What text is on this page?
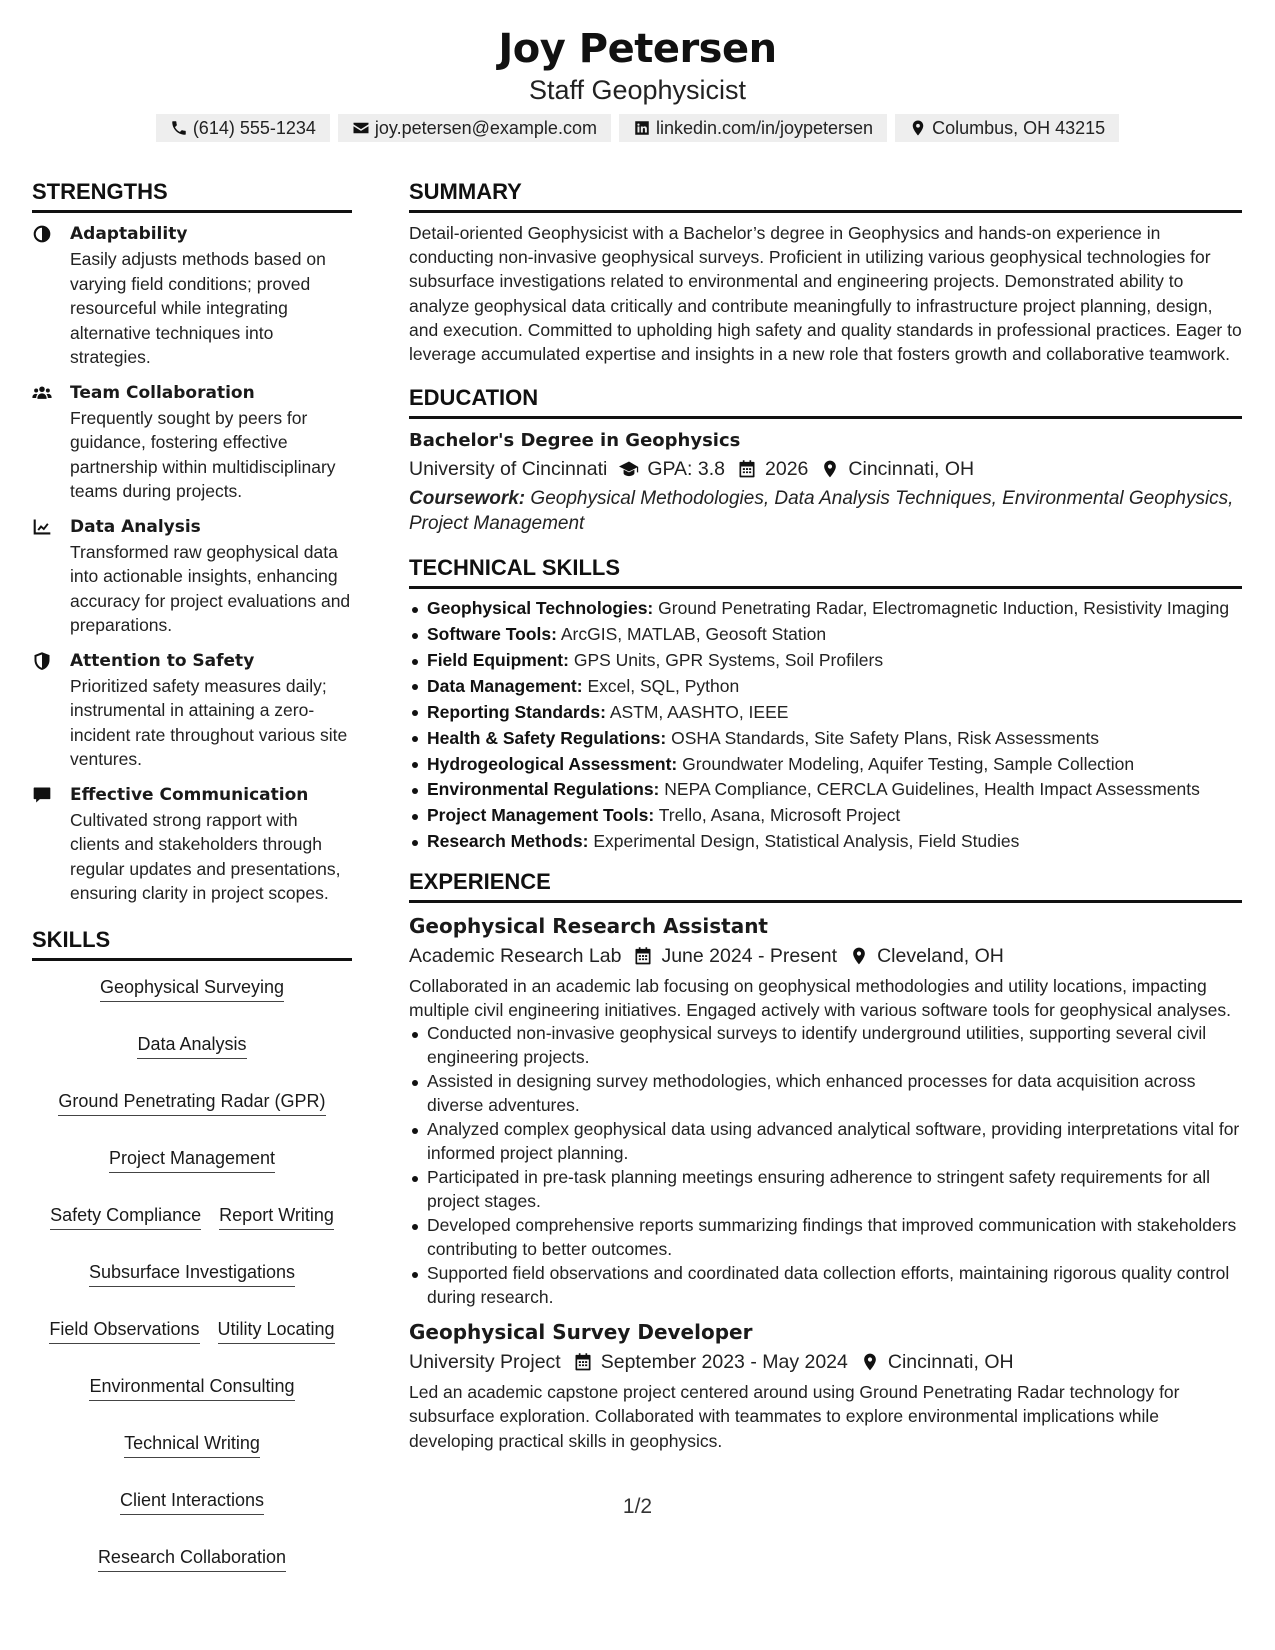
Joy Petersen
Staff Geophysicist
(614) 555-1234	joy.petersen@example.com	linkedin.com/in/joypetersen	Columbus, OH 43215
STRENGTHS
Adaptability
Easily adjusts methods based on varying field conditions; proved resourceful while integrating alternative techniques into strategies.
Team Collaboration
Frequently sought by peers for guidance, fostering effective partnership within multidisciplinary teams during projects.
Data Analysis
Transformed raw geophysical data into actionable insights, enhancing accuracy for project evaluations and preparations.
Attention to Safety
Prioritized safety measures daily; instrumental in attaining a zero-incident rate throughout various site ventures.
Effective Communication
Cultivated strong rapport with clients and stakeholders through regular updates and presentations, ensuring clarity in project scopes.
SKILLS
Geophysical Surveying
Data Analysis
Ground Penetrating Radar (GPR)
Project Management
Safety Compliance Report Writing
Subsurface Investigations
Field Observations Utility Locating
Environmental Consulting
Technical Writing
Client Interactions
Research Collaboration
SUMMARY
Detail-oriented Geophysicist with a Bachelor’s degree in Geophysics and hands-on experience in conducting non-invasive geophysical surveys. Proficient in utilizing various geophysical technologies for subsurface investigations related to environmental and engineering projects. Demonstrated ability to analyze geophysical data critically and contribute meaningfully to infrastructure project planning, design, and execution. Committed to upholding high safety and quality standards in professional practices. Eager to leverage accumulated expertise and insights in a new role that fosters growth and collaborative teamwork.
EDUCATION
Bachelor's Degree in Geophysics
University of Cincinnati GPA: 3.8 2026 Cincinnati, OH
Coursework: Geophysical Methodologies, Data Analysis Techniques, Environmental Geophysics, Project Management
TECHNICAL SKILLS
Geophysical Technologies: Ground Penetrating Radar, Electromagnetic Induction, Resistivity Imaging
Software Tools: ArcGIS, MATLAB, Geosoft Station
Field Equipment: GPS Units, GPR Systems, Soil Profilers
Data Management: Excel, SQL, Python
Reporting Standards: ASTM, AASHTO, IEEE
Health & Safety Regulations: OSHA Standards, Site Safety Plans, Risk Assessments
Hydrogeological Assessment: Groundwater Modeling, Aquifer Testing, Sample Collection
Environmental Regulations: NEPA Compliance, CERCLA Guidelines, Health Impact Assessments
Project Management Tools: Trello, Asana, Microsoft Project
Research Methods: Experimental Design, Statistical Analysis, Field Studies
EXPERIENCE
Geophysical Research Assistant
Academic Research Lab June 2024 - Present Cleveland, OH
Collaborated in an academic lab focusing on geophysical methodologies and utility locations, impacting multiple civil engineering initiatives. Engaged actively with various software tools for geophysical analyses.
Conducted non-invasive geophysical surveys to identify underground utilities, supporting several civil engineering projects.
Assisted in designing survey methodologies, which enhanced processes for data acquisition across diverse adventures.
Analyzed complex geophysical data using advanced analytical software, providing interpretations vital for informed project planning.
Participated in pre-task planning meetings ensuring adherence to stringent safety requirements for all project stages.
Developed comprehensive reports summarizing findings that improved communication with stakeholders contributing to better outcomes.
Supported field observations and coordinated data collection efforts, maintaining rigorous quality control during research.
Geophysical Survey Developer
University Project September 2023 - May 2024 Cincinnati, OH
Led an academic capstone project centered around using Ground Penetrating Radar technology for subsurface exploration. Collaborated with teammates to explore environmental implications while developing practical skills in geophysics.
1/2
